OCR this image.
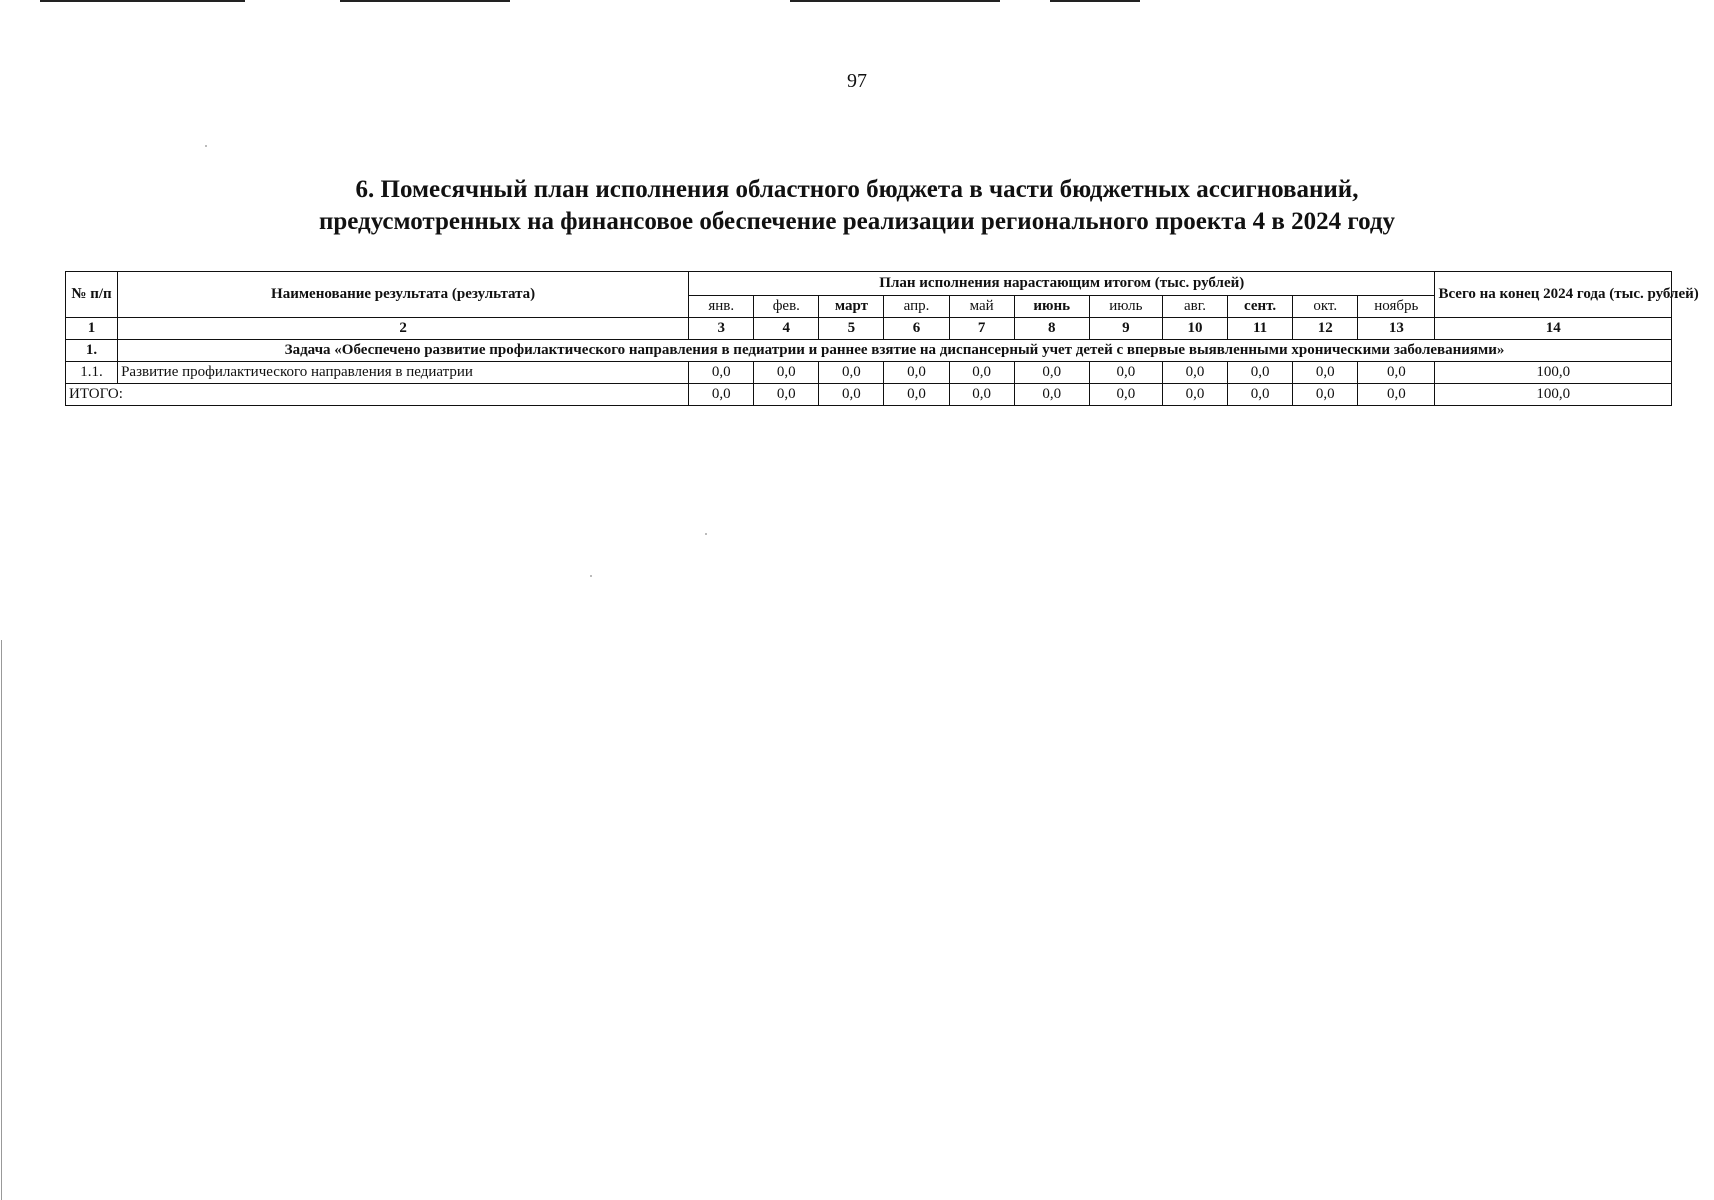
97
6. Помесячный план исполнения областного бюджета в части бюджетных ассигнований,
предусмотренных на финансовое обеспечение реализации регионального проекта 4 в 2024 году
№ п/п	Наименование результата (результата)	План исполнения нарастающим итогом (тыс. рублей)											Всего на конец 2024 года (тыс. рублей)
		янв.	фев.	март	апр.	май	июнь	июль	авг.	сент.	окт.	ноябрь	
1	2	3	4	5	6	7	8	9	10	11	12	13	14
1.	Задача «Обеспечено развитие профилактического направления в педиатрии и раннее взятие на диспансерный учет детей с впервые выявленными хроническими заболеваниями»												
1.1.	Развитие профилактического направления в педиатрии	0,0	0,0	0,0	0,0	0,0	0,0	0,0	0,0	0,0	0,0	0,0	100,0
ИТОГО:		0,0	0,0	0,0	0,0	0,0	0,0	0,0	0,0	0,0	0,0	0,0	100,0
